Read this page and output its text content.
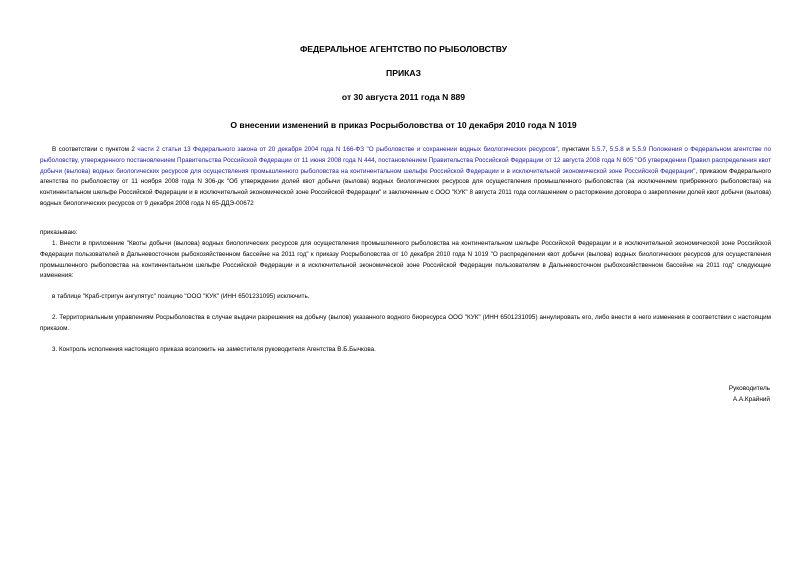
ФЕДЕРАЛЬНОЕ АГЕНТСТВО ПО РЫБОЛОВСТВУ
ПРИКАЗ
от 30 августа 2011 года N 889
О внесении изменений в приказ Росрыболовства от 10 декабря 2010 года N 1019
В соответствии с пунктом 2 части 2 статьи 13 Федерального закона от 20 декабря 2004 года N 166-ФЗ "О рыболовстве и сохранении водных биологических ресурсов", пунктами 5.5.7, 5.5.8 и 5.5.9 Положения о Федеральном агентстве по рыболовству, утвержденного постановлением Правительства Российской Федерации от 11 июня 2008 года N 444, постановлением Правительства Российской Федерации от 12 августа 2008 года N 605 "Об утверждении Правил распределения квот добычи (вылова) водных биологических ресурсов для осуществления промышленного рыболовства на континентальном шельфе Российской Федерации и в исключительной экономической зоне Российской Федерации", приказом Федерального агентства по рыболовству от 11 ноября 2008 года N 306-дк "Об утверждении долей квот добычи (вылова) водных биологических ресурсов для осуществления промышленного рыболовства (за исключением прибрежного рыболовства) на континентальном шельфе Российской Федерации и в исключительной экономической зоне Российской Федерации" и заключенным с ООО "КУК" 8 августа 2011 года соглашением о расторжении договора о закреплении долей квот добычи (вылова) водных биологических ресурсов от 9 декабря 2008 года N 65-ДДЭ-00672
приказываю:
1. Внести в приложение "Квоты добычи (вылова) водных биологических ресурсов для осуществления промышленного рыболовства на континентальном шельфе Российской Федерации и в исключительной экономической зоне Российской Федерации пользователей в Дальневосточном рыбохозяйственном бассейне на 2011 год" к приказу Росрыболовства от 10 декабря 2010 года N 1019 "О распределении квот добычи (вылова) водных биологических ресурсов для осуществления промышленного рыболовства на континентальном шельфе Российской Федерации и в исключительной экономической зоне Российской Федерации пользователям в Дальневосточном рыбохозяйственном бассейне на 2011 год" следующие изменения:
в таблице "Краб-стригун ангулятус" позицию "ООО "КУК" (ИНН 6501231095) исключить.
2. Территориальным управлениям Росрыболовства в случае выдачи разрешения на добычу (вылов) указанного водного биоресурса ООО "КУК" (ИНН 6501231095) аннулировать его, либо внести в него изменения в соответствии с настоящим приказом.
3. Контроль исполнения настоящего приказа возложить на заместителя руководителя Агентства В.Б.Бычкова.
Руководитель
А.А.Крайний
